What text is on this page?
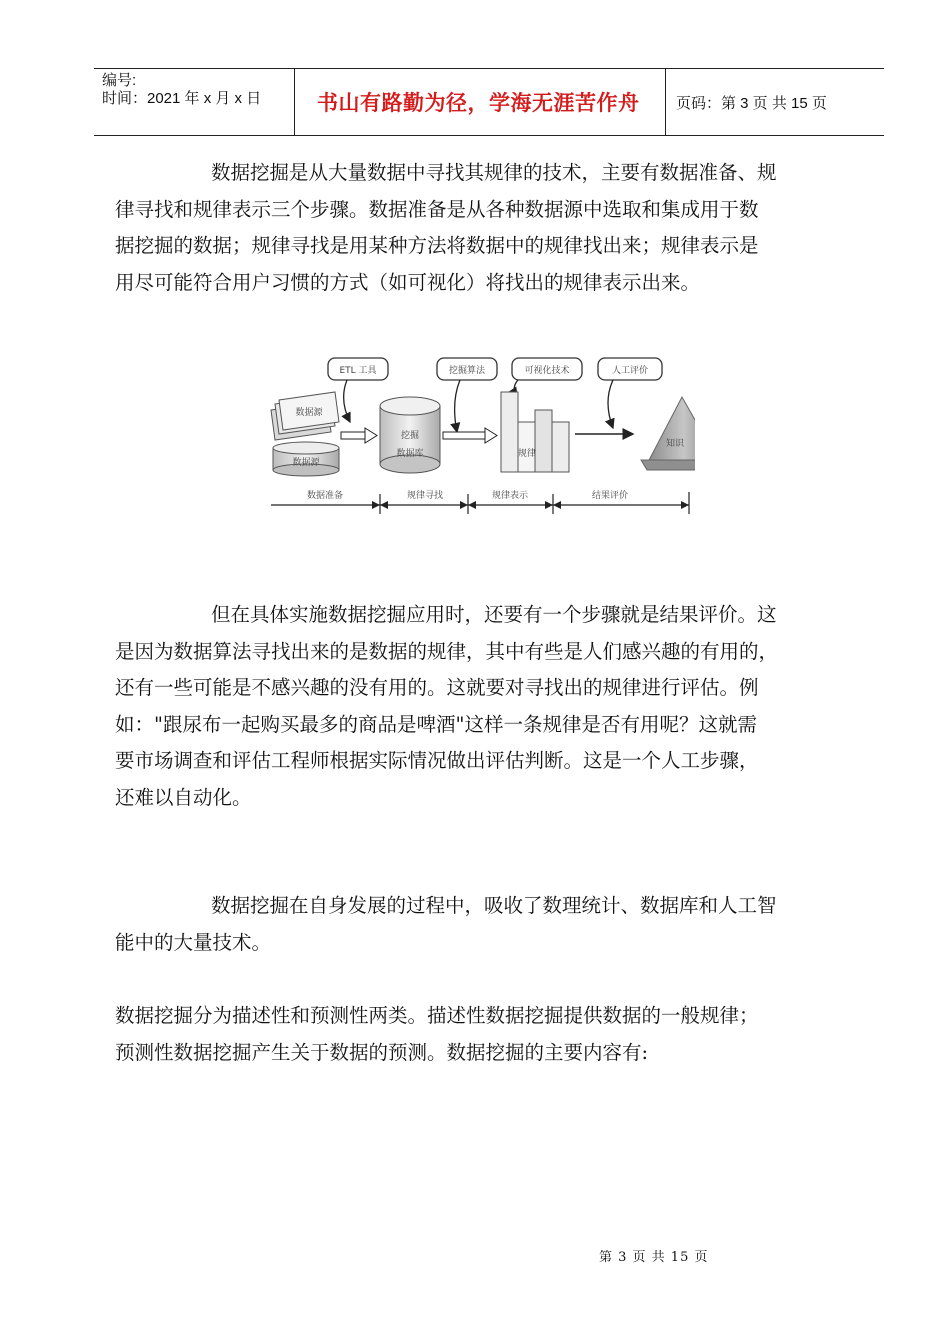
编号:
时间：2021 年 x 月 x 日	书山有路勤为径，学海无涯苦作舟 页码：第 3 页 共 15 页
数据挖掘是从大量数据中寻找其规律的技术，主要有数据准备、规
律寻找和规律表示三个步骤。数据准备是从各种数据源中选取和集成用于数
据挖掘的数据；规律寻找是用某种方法将数据中的规律找出来；规律表示是
用尽可能符合用户习惯的方式（如可视化）将找出的规律表示出来。
ETL 工具	挖掘算法	可视化技术	人工评价
数据源
数据源
挖掘
数据库	规律
知识
数据准备	规律寻找	规律表示	结果评价
但在具体实施数据挖掘应用时，还要有一个步骤就是结果评价。这
是因为数据算法寻找出来的是数据的规律，其中有些是人们感兴趣的有用的，
还有一些可能是不感兴趣的没有用的。这就要对寻找出的规律进行评估。例
如："跟尿布一起购买最多的商品是啤酒"这样一条规律是否有用呢？这就需
要市场调查和评估工程师根据实际情况做出评估判断。这是一个人工步骤，
还难以自动化。
数据挖掘在自身发展的过程中，吸收了数理统计、数据库和人工智
能中的大量技术。
数据挖掘分为描述性和预测性两类。描述性数据挖掘提供数据的一般规律；
预测性数据挖掘产生关于数据的预测。数据挖掘的主要内容有:
第 3 页 共 15 页
